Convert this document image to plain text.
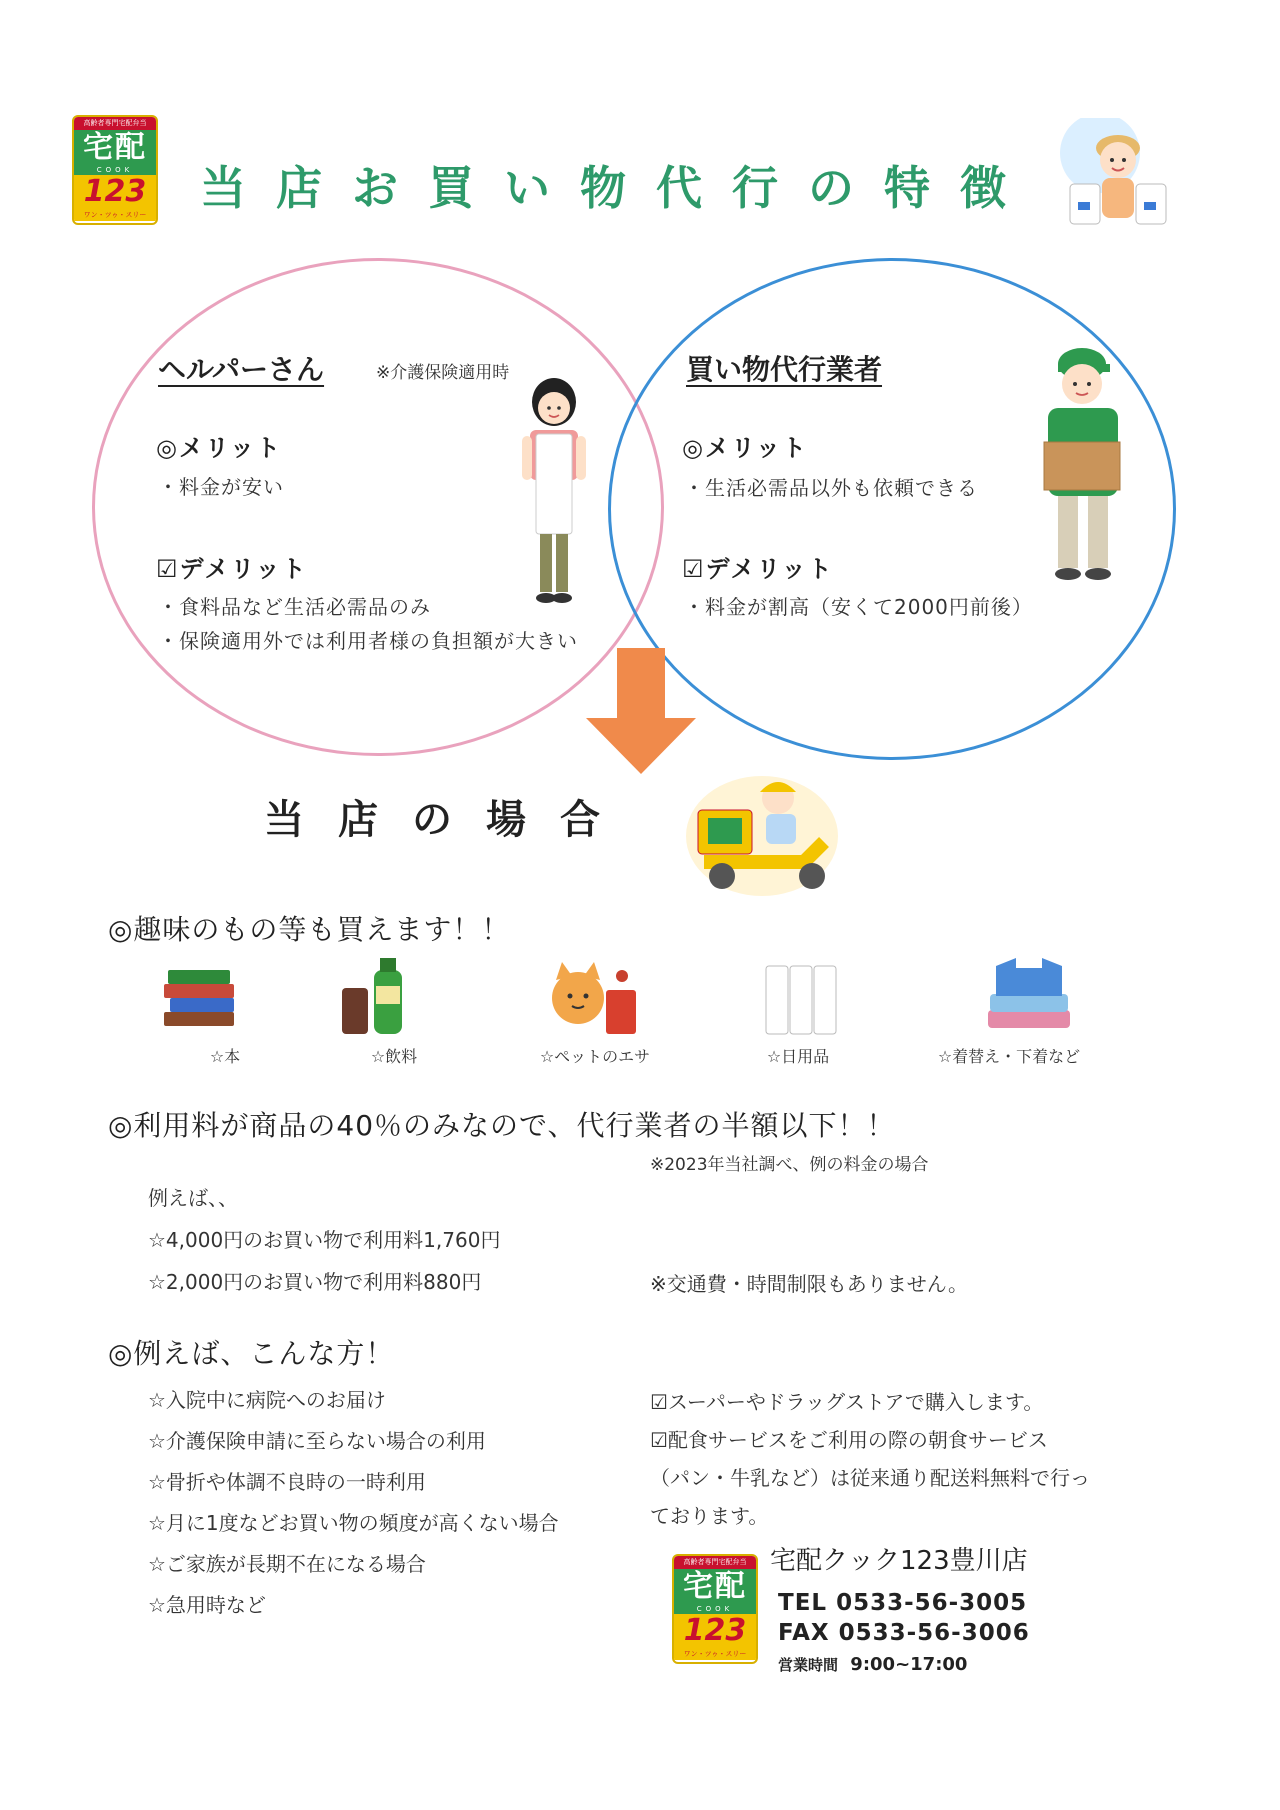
高齢者専門宅配弁当
宅配
COOK
123
ワン・ツゥ・スリー 当店お買い物代行の特徴
ヘルパーさん	※介護保険適用時
◎メリット
・料金が安い
☑デメリット
・食料品など生活必需品のみ
・保険適用外では利用者様の負担額が大きい
買い物代行業者
◎メリット
・生活必需品以外も依頼できる
☑デメリット
・料金が割高（安くて2000円前後）
当店の場合
◎趣味のもの等も買えます！！
☆本	☆飲料	☆ペットのエサ	☆日用品	☆着替え・下着など
◎利用料が商品の40％のみなので、代行業者の半額以下！！
※2023年当社調べ、例の料金の場合
例えば、、
☆4,000円のお買い物で利用料1,760円
☆2,000円のお買い物で利用料880円	※交通費・時間制限もありません。
◎例えば、こんな方！
☆入院中に病院へのお届け
☆介護保険申請に至らない場合の利用
☆骨折や体調不良時の一時利用
☆月に1度などお買い物の頻度が高くない場合
☆ご家族が長期不在になる場合
☆急用時など
☑スーパーやドラッグストアで購入します。
☑配食サービスをご利用の際の朝食サービス
（パン・牛乳など）は従来通り配送料無料で行っ
ております。
高齢者専門宅配弁当
宅配
COOK
123
ワン・ツゥ・スリー
宅配クック123豊川店
TEL 0533-56-3005
FAX 0533-56-3006
営業時間 9:00~17:00
